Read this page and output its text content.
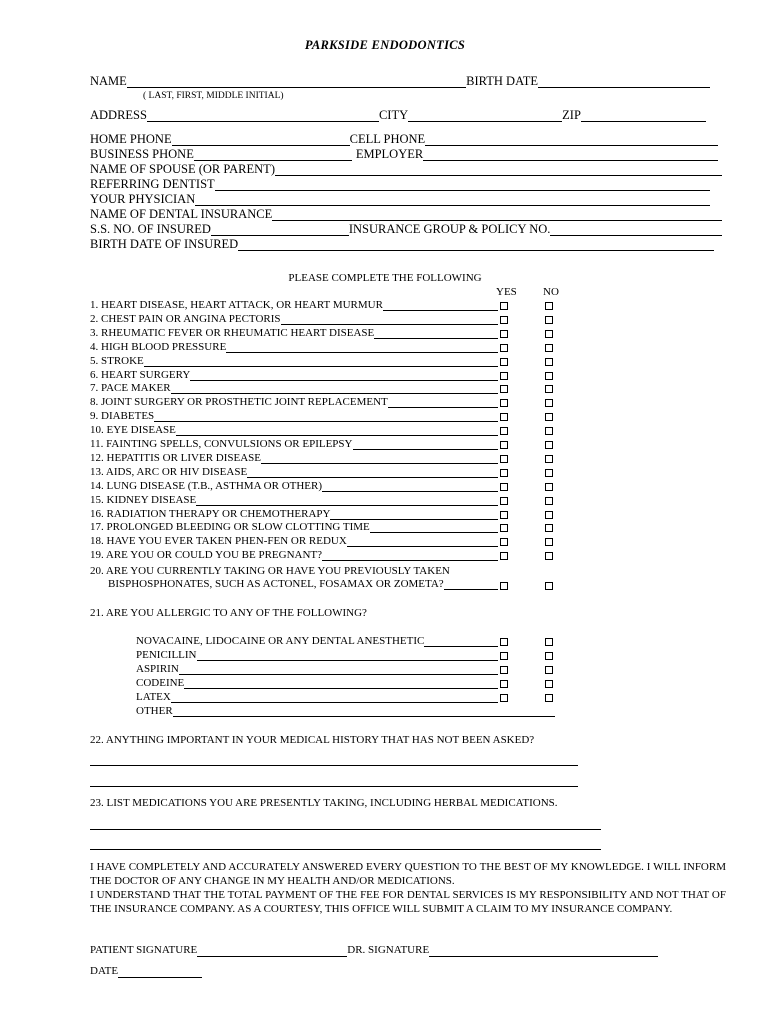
PARKSIDE ENDODONTICS
NAME	BIRTH DATE
( LAST, FIRST, MIDDLE INITIAL)
ADDRESS	CITY	ZIP
HOME PHONE	CELL PHONE
BUSINESS PHONE	EMPLOYER
NAME OF SPOUSE (OR PARENT)
REFERRING DENTIST
YOUR PHYSICIAN
NAME OF DENTAL INSURANCE
S.S. NO. OF INSURED	INSURANCE GROUP & POLICY NO.
BIRTH DATE OF INSURED
PLEASE COMPLETE THE FOLLOWING
YES NO
1. HEART DISEASE, HEART ATTACK, OR HEART MURMUR
2. CHEST PAIN OR ANGINA PECTORIS
3. RHEUMATIC FEVER OR RHEUMATIC HEART DISEASE
4. HIGH BLOOD PRESSURE
5. STROKE
6. HEART SURGERY
7. PACE MAKER
8. JOINT SURGERY OR PROSTHETIC JOINT REPLACEMENT
9. DIABETES
10. EYE DISEASE
11. FAINTING SPELLS, CONVULSIONS OR EPILEPSY
12. HEPATITIS OR LIVER DISEASE
13. AIDS, ARC OR HIV DISEASE
14. LUNG DISEASE (T.B., ASTHMA OR OTHER)
15. KIDNEY DISEASE
16. RADIATION THERAPY OR CHEMOTHERAPY
17. PROLONGED BLEEDING OR SLOW CLOTTING TIME
18. HAVE YOU EVER TAKEN PHEN-FEN OR REDUX
19. ARE YOU OR COULD YOU BE PREGNANT?
20. ARE YOU CURRENTLY TAKING OR HAVE YOU PREVIOUSLY TAKEN
BISPHOSPHONATES, SUCH AS ACTONEL, FOSAMAX OR ZOMETA?
21. ARE YOU ALLERGIC TO ANY OF THE FOLLOWING?
NOVACAINE, LIDOCAINE OR ANY DENTAL ANESTHETIC
PENICILLIN
ASPIRIN
CODEINE
LATEX
OTHER
22. ANYTHING IMPORTANT IN YOUR MEDICAL HISTORY THAT HAS NOT BEEN ASKED?
23. LIST MEDICATIONS YOU ARE PRESENTLY TAKING, INCLUDING HERBAL MEDICATIONS.
I HAVE COMPLETELY AND ACCURATELY ANSWERED EVERY QUESTION TO THE BEST OF MY KNOWLEDGE. I WILL INFORM THE DOCTOR OF ANY CHANGE IN MY HEALTH AND/OR MEDICATIONS.
I UNDERSTAND THAT THE TOTAL PAYMENT OF THE FEE FOR DENTAL SERVICES IS MY RESPONSIBILITY AND NOT THAT OF THE INSURANCE COMPANY. AS A COURTESY, THIS OFFICE WILL SUBMIT A CLAIM TO MY INSURANCE COMPANY.
PATIENT SIGNATURE	DR. SIGNATURE
DATE
